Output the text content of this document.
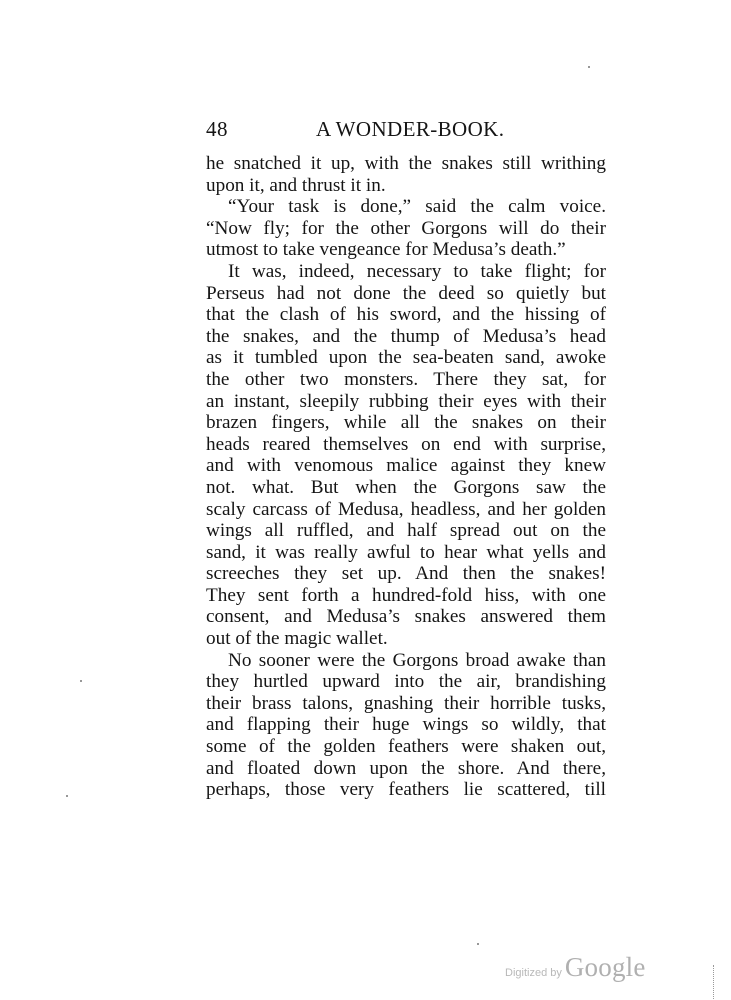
48	A WONDER-BOOK.
he snatched it up, with the snakes still writhing
upon it, and thrust it in.
“Your task is done,” said the calm voice.
“Now fly; for the other Gorgons will do their
utmost to take vengeance for Medusa’s death.”
It was, indeed, necessary to take flight; for
Perseus had not done the deed so quietly but
that the clash of his sword, and the hissing of
the snakes, and the thump of Medusa’s head
as it tumbled upon the sea-beaten sand, awoke
the other two monsters. There they sat, for
an instant, sleepily rubbing their eyes with their
brazen fingers, while all the snakes on their
heads reared themselves on end with surprise,
and with venomous malice against they knew
not. what. But when the Gorgons saw the
scaly carcass of Medusa, headless, and her golden
wings all ruffled, and half spread out on the
sand, it was really awful to hear what yells and
screeches they set up. And then the snakes!
They sent forth a hundred-fold hiss, with one
consent, and Medusa’s snakes answered them
out of the magic wallet.
No sooner were the Gorgons broad awake than
they hurtled upward into the air, brandishing
their brass talons, gnashing their horrible tusks,
and flapping their huge wings so wildly, that
some of the golden feathers were shaken out,
and floated down upon the shore. And there,
perhaps, those very feathers lie scattered, till
Digitized by Google
